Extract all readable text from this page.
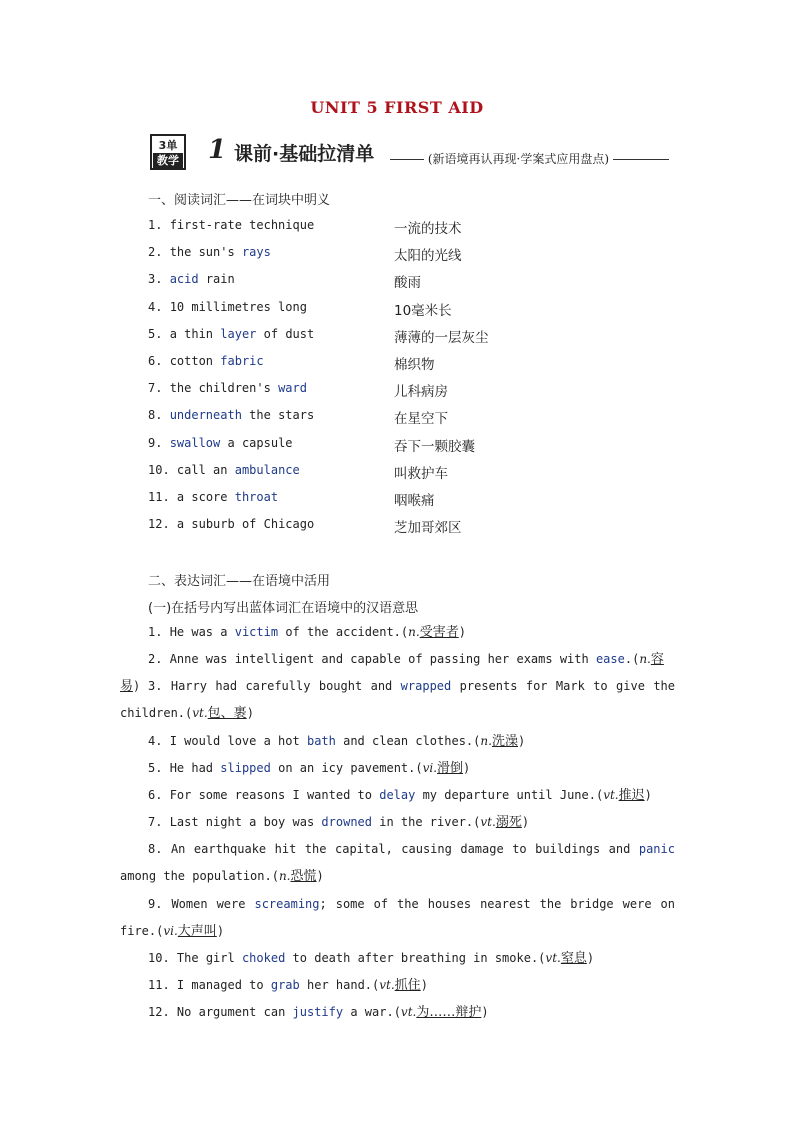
UNIT 5 FIRST AID
3单
教学 1 课前·基础拉清单	(新语境再认再现·学案式应用盘点)
一、阅读词汇——在词块中明义
1. first-rate technique	一流的技术
2. the sun's rays	太阳的光线
3. acid rain	酸雨
4. 10 millimetres long	10毫米长
5. a thin layer of dust	薄薄的一层灰尘
6. cotton fabric	棉织物
7. the children's ward	儿科病房
8. underneath the stars	在星空下
9. swallow a capsule	吞下一颗胶囊
10. call an ambulance	叫救护车
11. a score throat	咽喉痛
12. a suburb of Chicago	芝加哥郊区
二、表达词汇——在语境中活用
(一)在括号内写出蓝体词汇在语境中的汉语意思
1. He was a victim of the accident.(n.受害者)
2. Anne was intelligent and capable of passing her exams with ease.(n.容易) 3. Harry had carefully bought and wrapped presents for Mark to give the children.(vt.包、裹)
4. I would love a hot bath and clean clothes.(n.洗澡)
5. He had slipped on an icy pavement.(vi.滑倒)
6. For some reasons I wanted to delay my departure until June.(vt.推迟)
7. Last night a boy was drowned in the river.(vt.溺死)
8. An earthquake hit the capital, causing damage to buildings and panic among the population.(n.恐慌)
9. Women were screaming; some of the houses nearest the bridge were on fire.(vi.大声叫)
10. The girl choked to death after breathing in smoke.(vt.窒息)
11. I managed to grab her hand.(vt.抓住)
12. No argument can justify a war.(vt.为……辩护)
